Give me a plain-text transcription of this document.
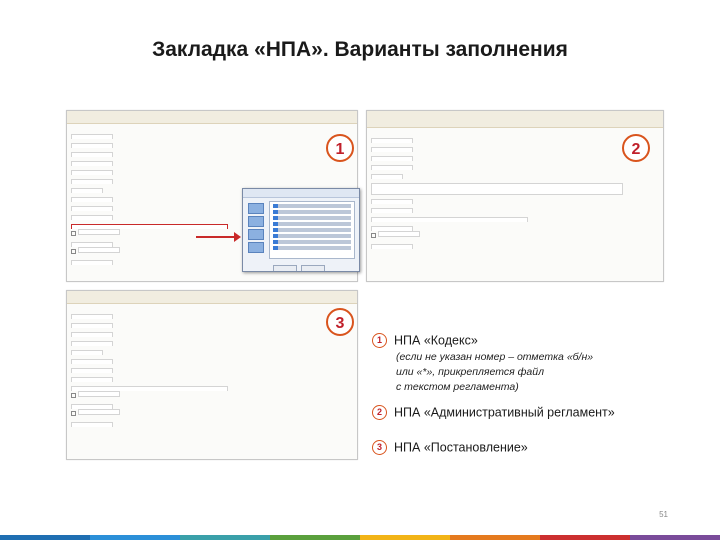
Закладка «НПА». Варианты заполнения
1	2
3
1 НПА «Кодекс»
(если не указан номер – отметка «б/н»
или «*», прикрепляется файл
с текстом регламента)
2 НПА «Административный регламент»
3 НПА «Постановление»
51
